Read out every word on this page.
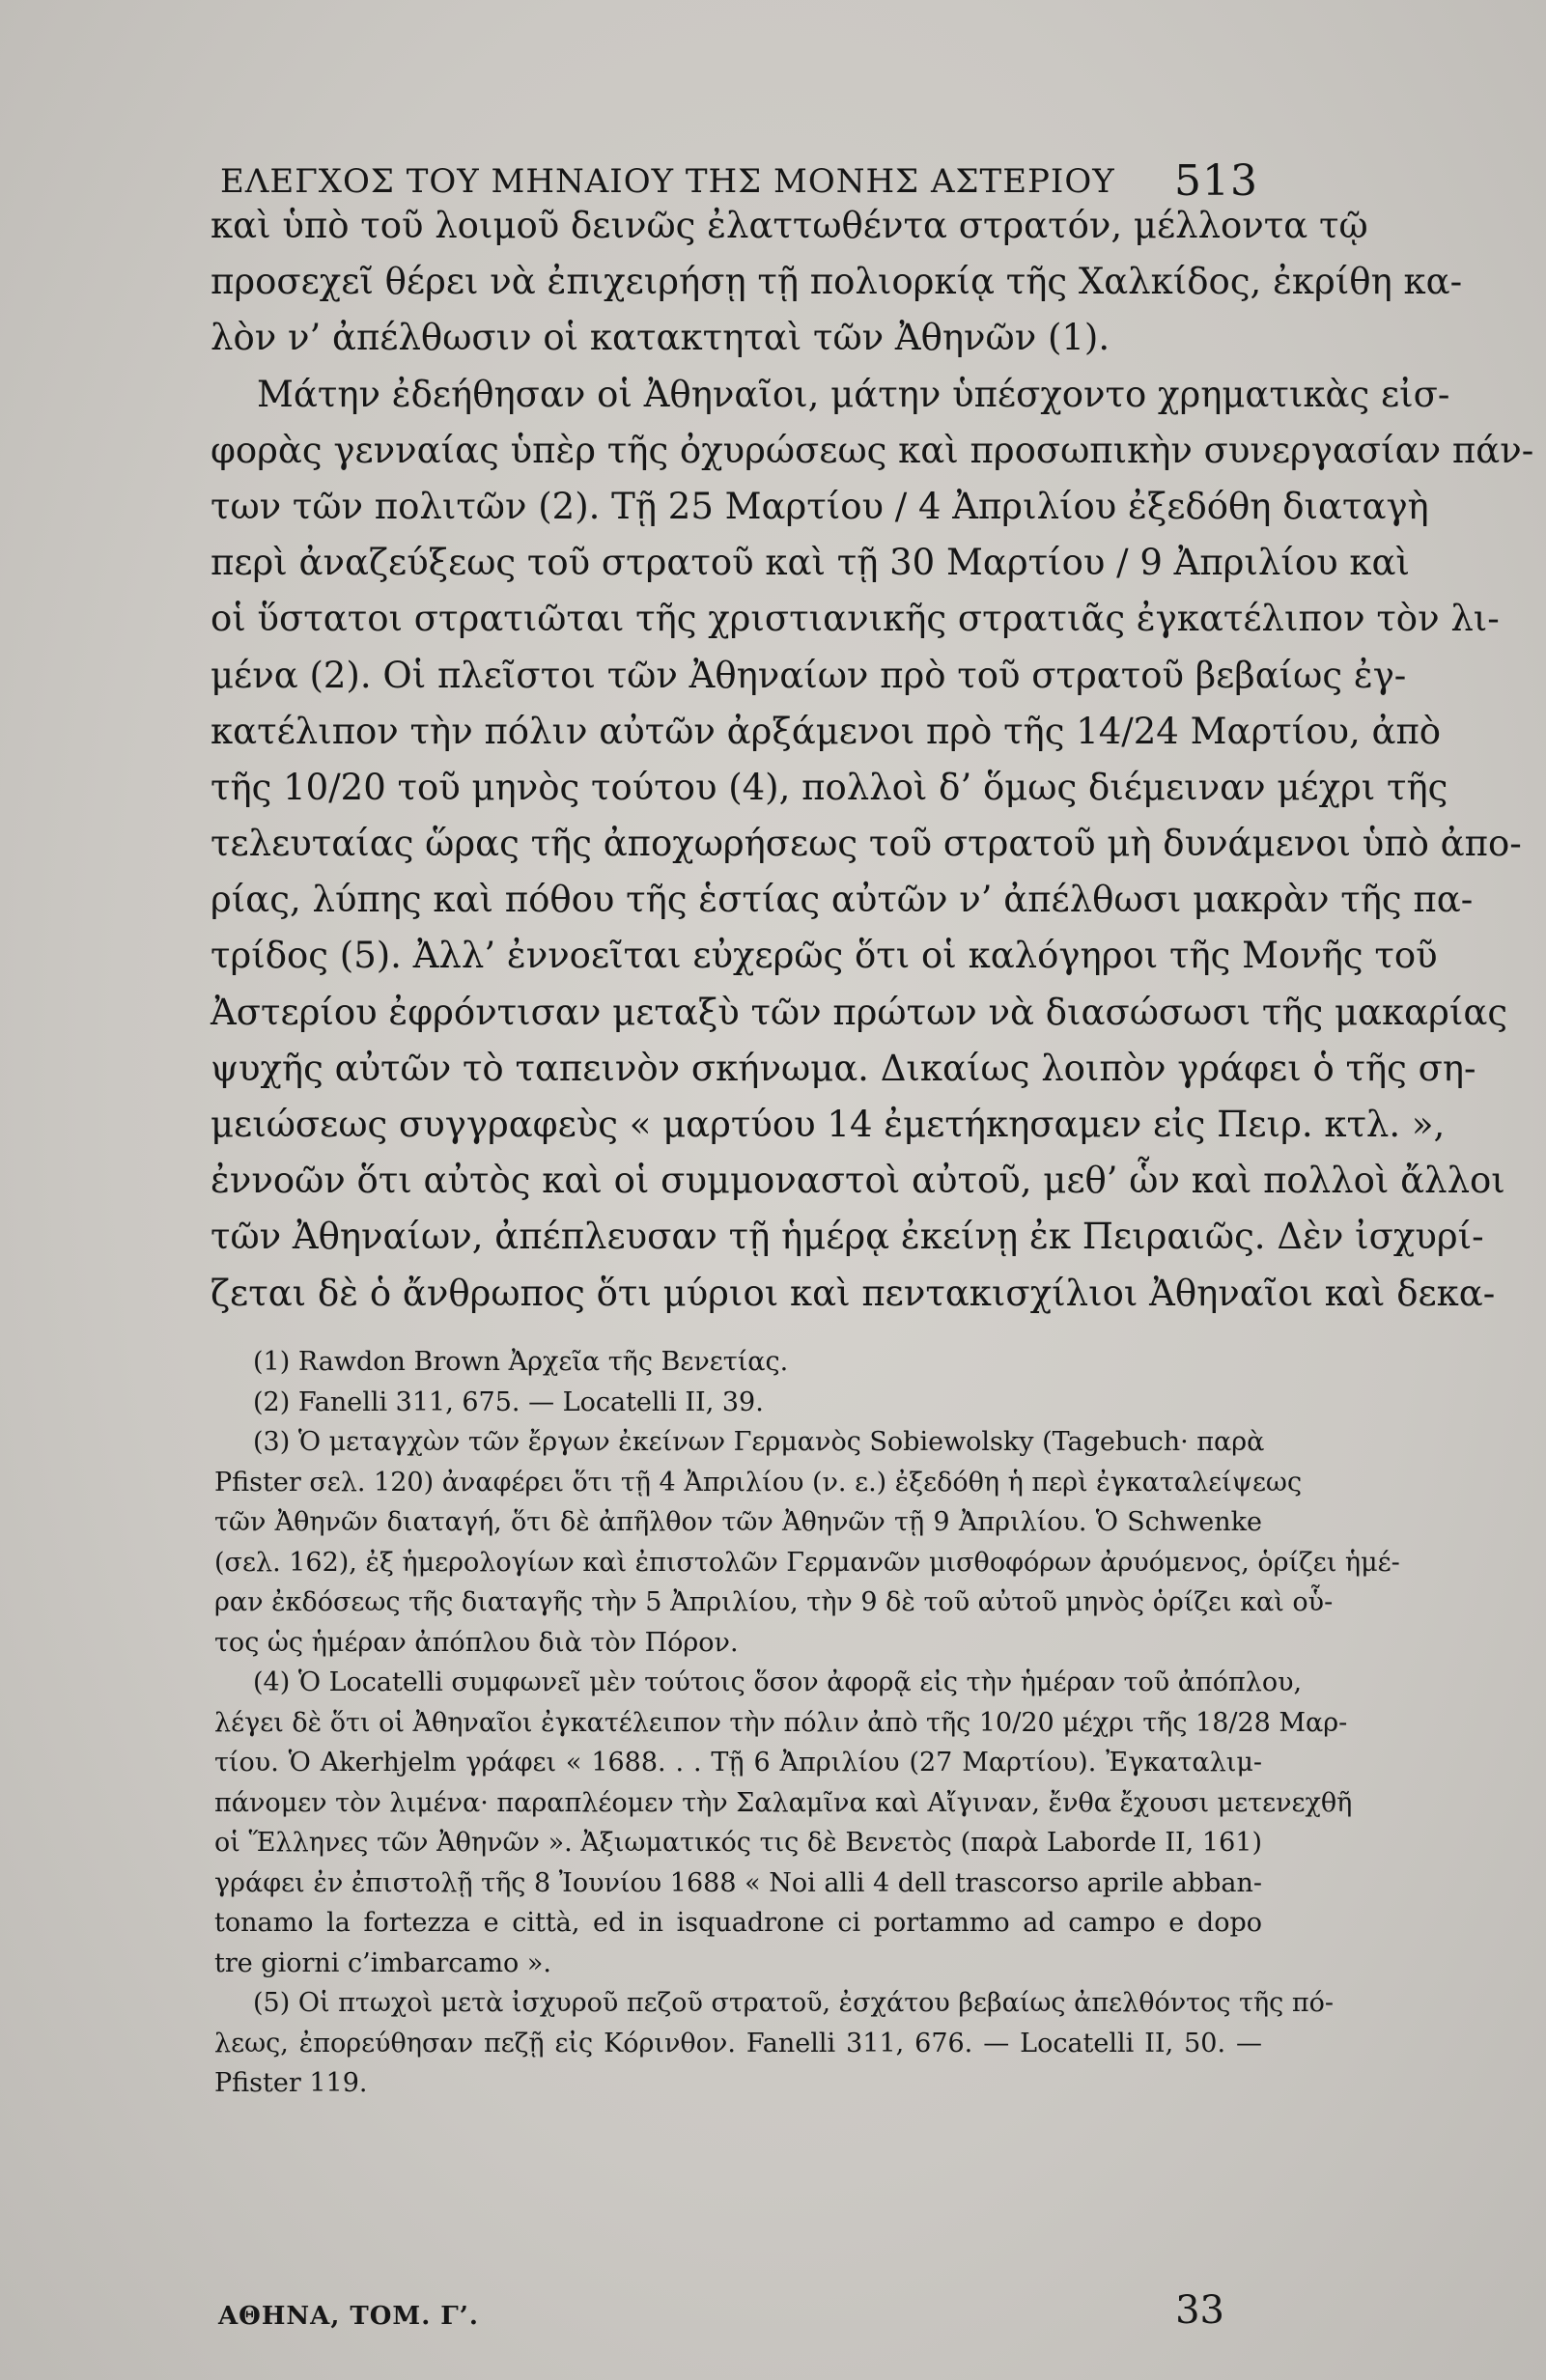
ΕΛΕΓΧΟΣ ΤΟΥ ΜΗΝΑΙΟΥ ΤΗΣ ΜΟΝΗΣ ΑΣΤΕΡΙΟΥ 513
καὶ ὑπὸ τοῦ λοιμοῦ δεινῶς ἐλαττωθέντα στρατόν, μέλλοντα τῷ
προσεχεῖ θέρει νὰ ἐπιχειρήσῃ τῇ πολιορκίᾳ τῆς Χαλκίδος, ἐκρίθη κα-
λὸν ν’ ἀπέλθωσιν οἱ κατακτηταὶ τῶν Ἀθηνῶν (1).
Μάτην ἐδεήθησαν οἱ Ἀθηναῖοι, μάτην ὑπέσχοντο χρηματικὰς εἰσ-
φορὰς γενναίας ὑπὲρ τῆς ὀχυρώσεως καὶ προσωπικὴν συνεργασίαν πάν-
των τῶν πολιτῶν (2). Τῇ 25 Μαρτίου / 4 Ἀπριλίου ἐξεδόθη διαταγὴ
περὶ ἀναζεύξεως τοῦ στρατοῦ καὶ τῇ 30 Μαρτίου / 9 Ἀπριλίου καὶ
οἱ ὕστατοι στρατιῶται τῆς χριστιανικῆς στρατιᾶς ἐγκατέλιπον τὸν λι-
μένα (2). Οἱ πλεῖστοι τῶν Ἀθηναίων πρὸ τοῦ στρατοῦ βεβαίως ἐγ-
κατέλιπον τὴν πόλιν αὐτῶν ἀρξάμενοι πρὸ τῆς 14/24 Μαρτίου, ἀπὸ
τῆς 10/20 τοῦ μηνὸς τούτου (4), πολλοὶ δ’ ὅμως διέμειναν μέχρι τῆς
τελευταίας ὥρας τῆς ἀποχωρήσεως τοῦ στρατοῦ μὴ δυνάμενοι ὑπὸ ἀπο-
ρίας, λύπης καὶ πόθου τῆς ἑστίας αὐτῶν ν’ ἀπέλθωσι μακρὰν τῆς πα-
τρίδος (5). Ἀλλ’ ἐννοεῖται εὐχερῶς ὅτι οἱ καλόγηροι τῆς Μονῆς τοῦ
Ἀστερίου ἐφρόντισαν μεταξὺ τῶν πρώτων νὰ διασώσωσι τῆς μακαρίας
ψυχῆς αὐτῶν τὸ ταπεινὸν σκήνωμα. Δικαίως λοιπὸν γράφει ὁ τῆς ση-
μειώσεως συγγραφεὺς « μαρτύου 14 ἐμετήκησαμεν εἰς Πειρ. κτλ. »,
ἐννοῶν ὅτι αὐτὸς καὶ οἱ συμμοναστοὶ αὐτοῦ, μεθ’ ὧν καὶ πολλοὶ ἄλλοι
τῶν Ἀθηναίων, ἀπέπλευσαν τῇ ἡμέρᾳ ἐκείνῃ ἐκ Πειραιῶς. Δὲν ἰσχυρί-
ζεται δὲ ὁ ἄνθρωπος ὅτι μύριοι καὶ πεντακισχίλιοι Ἀθηναῖοι καὶ δεκα-
(1) Rawdon Brown Ἀρχεῖα τῆς Βενετίας.
(2) Fanelli 311, 675. — Locatelli II, 39.
(3) Ὁ μεταγχὼν τῶν ἔργων ἐκείνων Γερμανὸς Sobiewolsky (Tagebuch· παρὰ
Pfister σελ. 120) ἀναφέρει ὅτι τῇ 4 Ἀπριλίου (ν. ε.) ἐξεδόθη ἡ περὶ ἐγκαταλείψεως
τῶν Ἀθηνῶν διαταγή, ὅτι δὲ ἀπῆλθον τῶν Ἀθηνῶν τῇ 9 Ἀπριλίου. Ὁ Schwenke
(σελ. 162), ἐξ ἡμερολογίων καὶ ἐπιστολῶν Γερμανῶν μισθοφόρων ἀρυόμενος, ὁρίζει ἡμέ-
ραν ἐκδόσεως τῆς διαταγῆς τὴν 5 Ἀπριλίου, τὴν 9 δὲ τοῦ αὐτοῦ μηνὸς ὁρίζει καὶ οὗ-
τος ὡς ἡμέραν ἀπόπλου διὰ τὸν Πόρον.
(4) Ὁ Locatelli συμφωνεῖ μὲν τούτοις ὅσον ἀφορᾷ εἰς τὴν ἡμέραν τοῦ ἀπόπλου,
λέγει δὲ ὅτι οἱ Ἀθηναῖοι ἐγκατέλειπον τὴν πόλιν ἀπὸ τῆς 10/20 μέχρι τῆς 18/28 Μαρ-
τίου. Ὁ Akerhjelm γράφει « 1688. . . Τῇ 6 Ἀπριλίου (27 Μαρτίου). Ἐγκαταλιμ-
πάνομεν τὸν λιμένα· παραπλέομεν τὴν Σαλαμῖνα καὶ Αἴγιναν, ἔνθα ἔχουσι μετενεχθῆ
οἱ Ἕλληνες τῶν Ἀθηνῶν ». Ἀξιωματικός τις δὲ Βενετὸς (παρὰ Laborde II, 161)
γράφει ἐν ἐπιστολῇ τῆς 8 Ἰουνίου 1688 « Noi alli 4 dell trascorso aprile abban-
tonamo la fortezza e città, ed in isquadrone ci portammo ad campo e dopo
tre giorni c’imbarcamo ».
(5) Οἱ πτωχοὶ μετὰ ἰσχυροῦ πεζοῦ στρατοῦ, ἐσχάτου βεβαίως ἀπελθόντος τῆς πό-
λεως, ἐπορεύθησαν πεζῇ εἰς Κόρινθον. Fanelli 311, 676. — Locatelli II, 50. —
Pfister 119.
ΑΘΗΝΑ, ΤΟΜ. Γ’.	33
